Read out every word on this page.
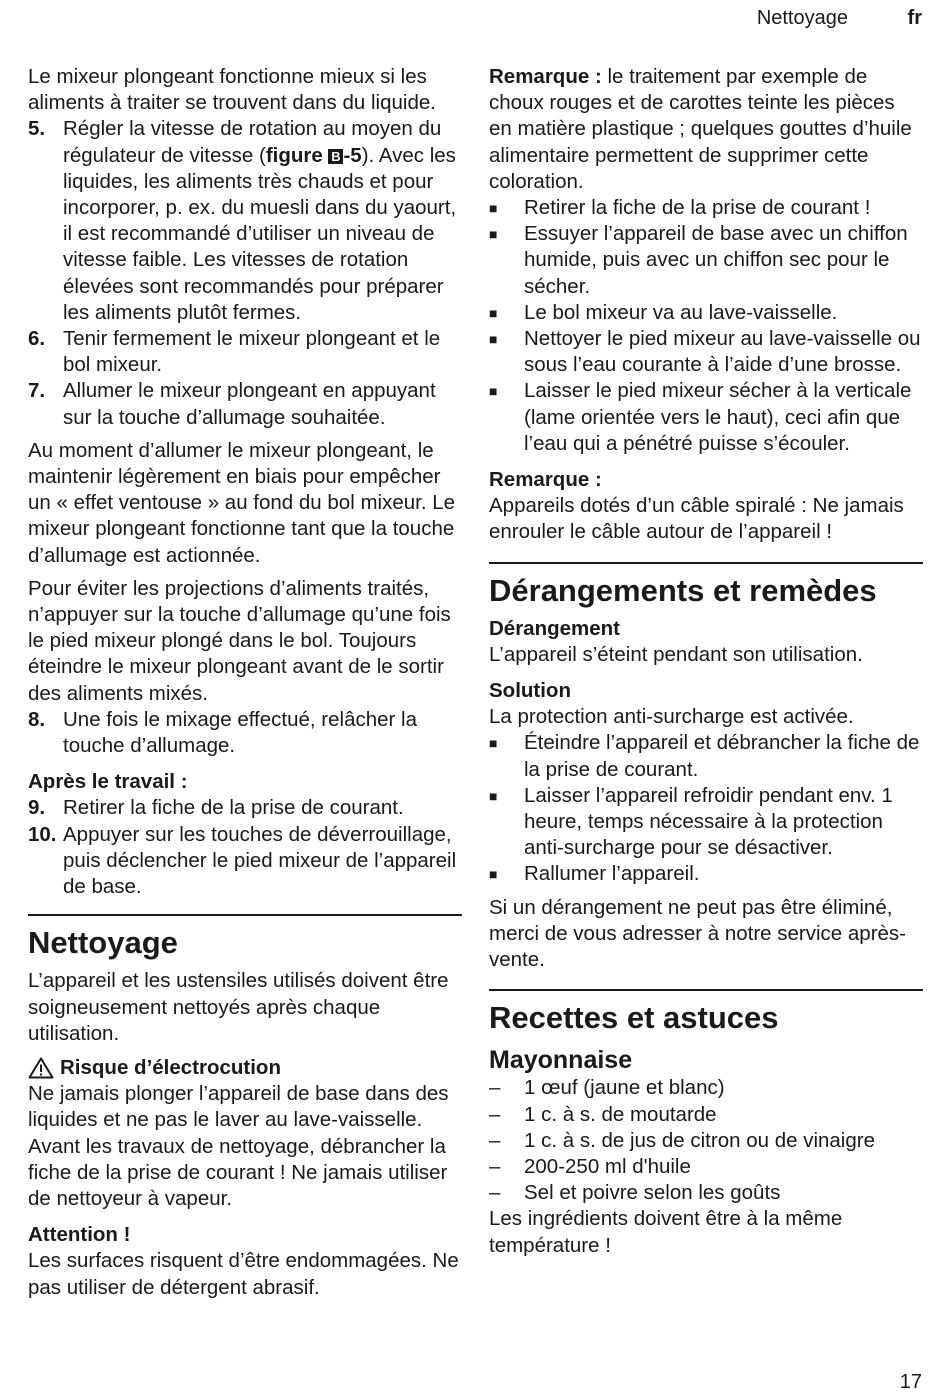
Nettoyage	fr

Le mixeur plongeant fonctionne mieux si les aliments à traiter se trouvent dans du liquide.

5. Régler la vitesse de rotation au moyen du régulateur de vitesse (figure B -5). Avec les liquides, les aliments très chauds et pour incorporer, p. ex. du muesli dans du yaourt, il est recommandé d’utiliser un niveau de vitesse faible. Les vitesses de rotation élevées sont recommandés pour préparer les aliments plutôt fermes.
6. Tenir fermement le mixeur plongeant et le bol mixeur.
7. Allumer le mixeur plongeant en appuyant sur la touche d’allumage souhaitée.

Au moment d’allumer le mixeur plongeant, le maintenir légèrement en biais pour empêcher un « effet ventouse » au fond du bol mixeur. Le mixeur plongeant fonctionne tant que la touche d’allumage est actionnée.

Pour éviter les projections d’aliments traités, n’appuyer sur la touche d’allumage qu’une fois le pied mixeur plongé dans le bol. Toujours éteindre le mixeur plongeant avant de le sortir des aliments mixés.

8. Une fois le mixage effectué, relâcher la touche d’allumage.

Après le travail :

9. Retirer la fiche de la prise de courant.
10. Appuyer sur les touches de déverrouillage, puis déclencher le pied mixeur de l’appareil de base.
Nettoyage

L’appareil et les ustensiles utilisés doivent être soigneusement nettoyés après chaque utilisation.

Risque d’électrocution

Ne jamais plonger l’appareil de base dans des liquides et ne pas le laver au lave-vaisselle. Avant les travaux de nettoyage, débrancher la fiche de la prise de courant ! Ne jamais utiliser de nettoyeur à vapeur.

Attention !

Les surfaces risquent d’être endommagées. Ne pas utiliser de détergent abrasif.

Remarque : le traitement par exemple de choux rouges et de carottes teinte les pièces en matière plastique ; quelques gouttes d’huile alimentaire permettent de supprimer cette coloration.

■	Retirer la fiche de la prise de courant !
■	Essuyer l’appareil de base avec un chiffon humide, puis avec un chiffon sec pour le sécher.
■	Le bol mixeur va au lave-vaisselle.
■	Nettoyer le pied mixeur au lave-vaisselle ou sous l’eau courante à l’aide d’une brosse.
■	Laisser le pied mixeur sécher à la verticale (lame orientée vers le haut), ceci afin que l’eau qui a pénétré puisse s’écouler.

Remarque :

Appareils dotés d’un câble spiralé : Ne jamais enrouler le câble autour de l’appareil !

Dérangements et remèdes

Dérangement

L’appareil s’éteint pendant son utilisation.

Solution

La protection anti-surcharge est activée.

■	Éteindre l’appareil et débrancher la fiche de la prise de courant.
■	Laisser l’appareil refroidir pendant env. 1 heure, temps nécessaire à la protection anti-surcharge pour se désactiver.
■	Rallumer l’appareil.

Si un dérangement ne peut pas être éliminé, merci de vous adresser à notre service après-vente.

Recettes et astuces
Mayonnaise
–	1 œuf (jaune et blanc)
–	1 c. à s. de moutarde
–	1 c. à s. de jus de citron ou de vinaigre
–	200-250 ml d'huile
–	Sel et poivre selon les goûts

Les ingrédients doivent être à la même température !

17
